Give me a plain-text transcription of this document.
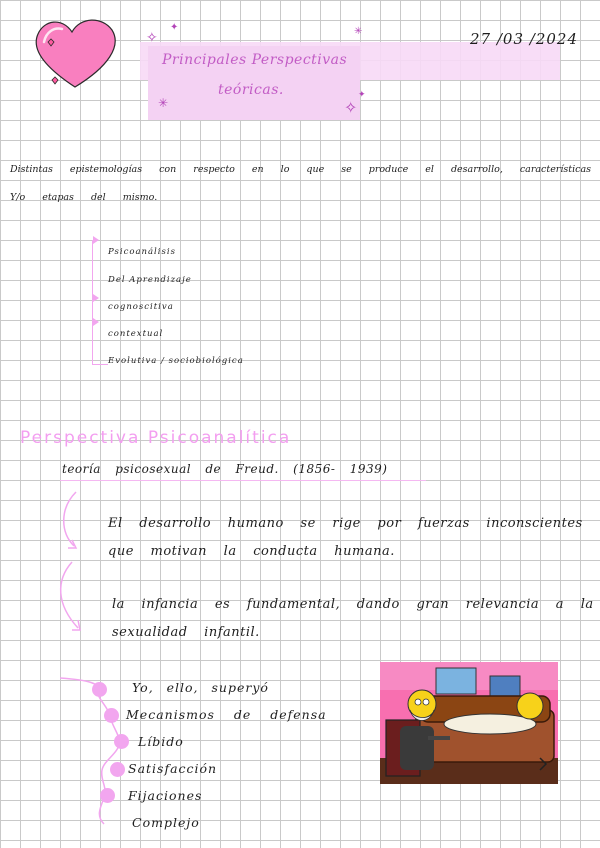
Principales Perspectivas
teóricas.
✧
✦	✳
✧
✦
✳
27 /03 /2024
Distintas epistemologías con respecto en lo que se produce el desarrollo, características
Y/o etapas del mismo.
Psicoanálisis
Del Aprendizaje
cognoscitiva
contextual
Evolutiva / sociobiológica
Perspectiva Psicoanalítica
teoría psicosexual de Freud. (1856- 1939)
El desarrollo humano se rige por fuerzas inconscientes
que motivan la conducta humana.
la infancia es fundamental, dando gran relevancia a la
sexualidad infantil.
Yo, ello, superyó
Mecanismos de defensa
Líbido
Satisfacción
Fijaciones
Complejo
